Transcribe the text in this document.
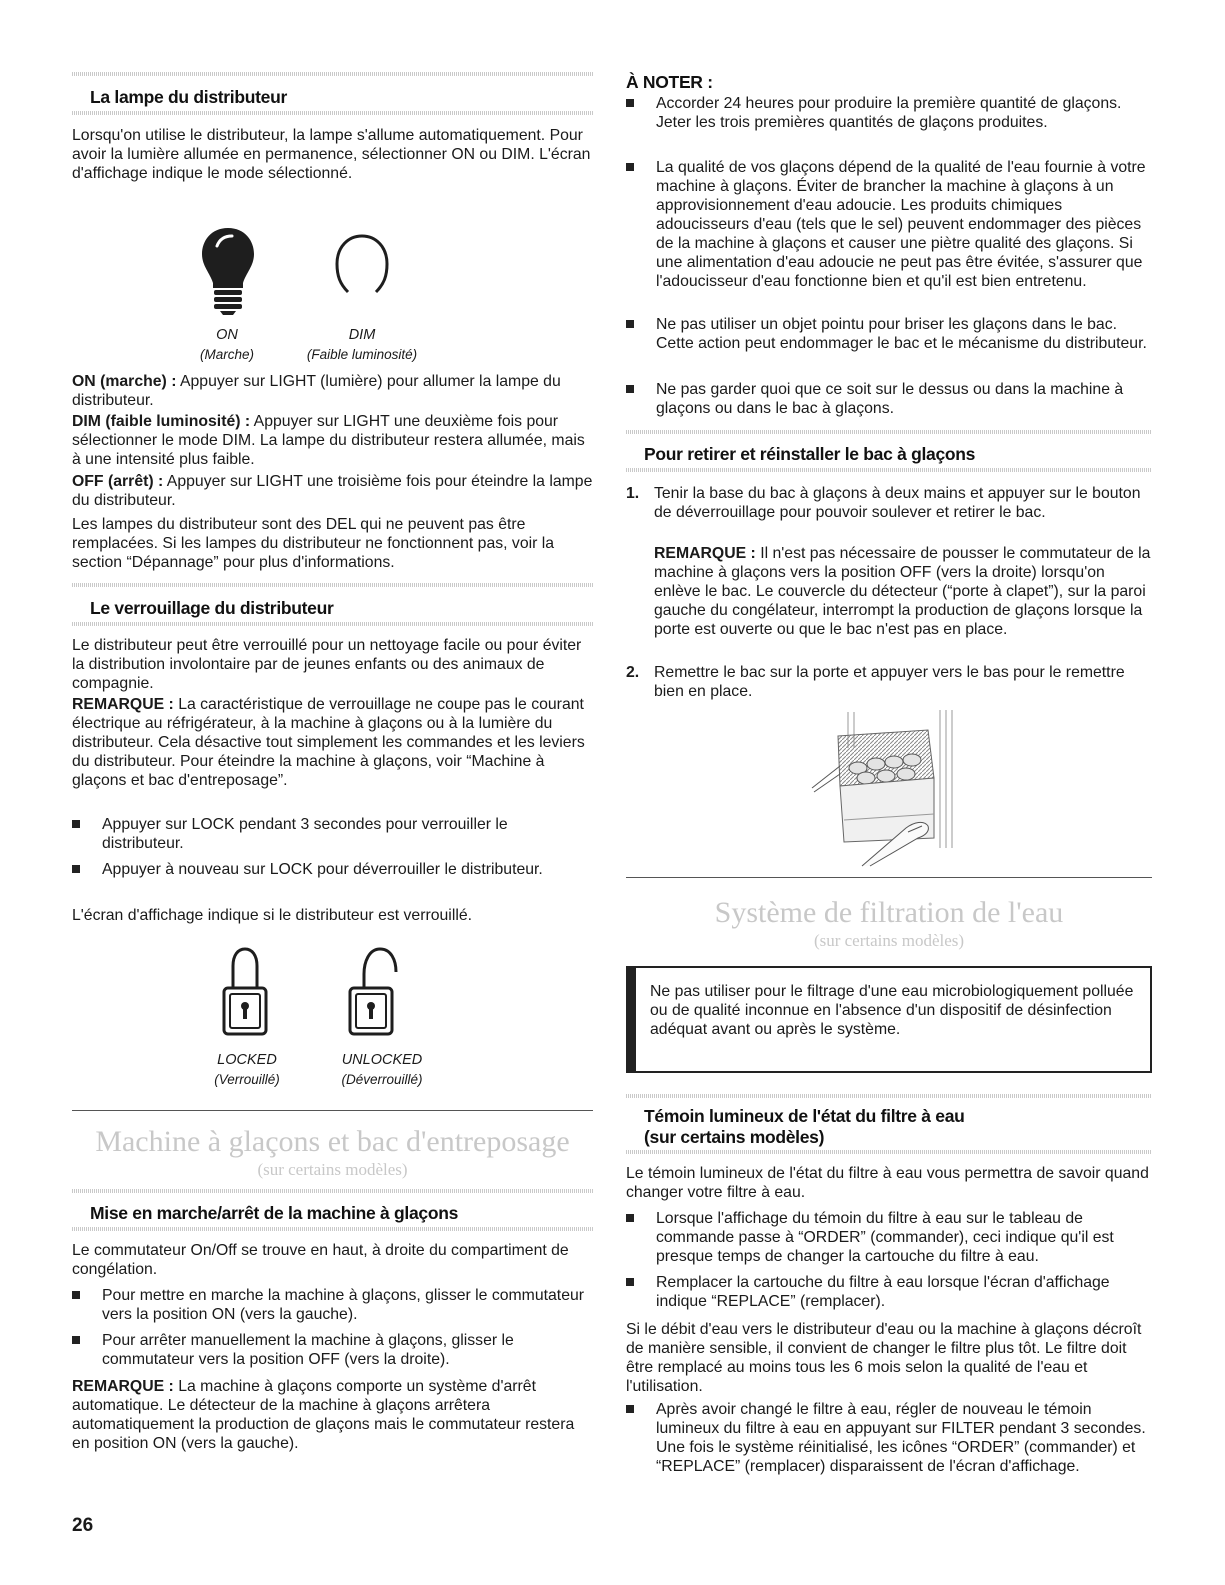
La lampe du distributeur

Lorsqu'on utilise le distributeur, la lampe s'allume automatiquement. Pour avoir la lumière allumée en permanence, sélectionner ON ou DIM. L'écran d'affichage indique le mode sélectionné.

ON
(Marche)
DIM
(Faible luminosité)

ON (marche) : Appuyer sur LIGHT (lumière) pour allumer la lampe du distributeur.

DIM (faible luminosité) : Appuyer sur LIGHT une deuxième fois pour sélectionner le mode DIM. La lampe du distributeur restera allumée, mais à une intensité plus faible.

OFF (arrêt) : Appuyer sur LIGHT une troisième fois pour éteindre la lampe du distributeur.

Les lampes du distributeur sont des DEL qui ne peuvent pas être remplacées. Si les lampes du distributeur ne fonctionnent pas, voir la section “Dépannage” pour plus d'informations.

Le verrouillage du distributeur

Le distributeur peut être verrouillé pour un nettoyage facile ou pour éviter la distribution involontaire par de jeunes enfants ou des animaux de compagnie.

REMARQUE : La caractéristique de verrouillage ne coupe pas le courant électrique au réfrigérateur, à la machine à glaçons ou à la lumière du distributeur. Cela désactive tout simplement les commandes et les leviers du distributeur. Pour éteindre la machine à glaçons, voir “Machine à glaçons et bac d'entreposage”.

Appuyer sur LOCK pendant 3 secondes pour verrouiller le distributeur.
Appuyer à nouveau sur LOCK pour déverrouiller le distributeur.

L'écran d'affichage indique si le distributeur est verrouillé.

LOCKED
(Verrouillé)
UNLOCKED
(Déverrouillé)
Machine à glaçons et bac d'entreposage
(sur certains modèles)
Mise en marche/arrêt de la machine à glaçons

Le commutateur On/Off se trouve en haut, à droite du compartiment de congélation.

Pour mettre en marche la machine à glaçons, glisser le commutateur vers la position ON (vers la gauche).
Pour arrêter manuellement la machine à glaçons, glisser le commutateur vers la position OFF (vers la droite).

REMARQUE : La machine à glaçons comporte un système d'arrêt automatique. Le détecteur de la machine à glaçons arrêtera automatiquement la production de glaçons mais le commutateur restera en position ON (vers la gauche).

À NOTER :
Accorder 24 heures pour produire la première quantité de glaçons. Jeter les trois premières quantités de glaçons produites.
La qualité de vos glaçons dépend de la qualité de l'eau fournie à votre machine à glaçons. Éviter de brancher la machine à glaçons à un approvisionnement d'eau adoucie. Les produits chimiques adoucisseurs d'eau (tels que le sel) peuvent endommager des pièces de la machine à glaçons et causer une piètre qualité des glaçons. Si une alimentation d'eau adoucie ne peut pas être évitée, s'assurer que l'adoucisseur d'eau fonctionne bien et qu'il est bien entretenu.
Ne pas utiliser un objet pointu pour briser les glaçons dans le bac. Cette action peut endommager le bac et le mécanisme du distributeur.
Ne pas garder quoi que ce soit sur le dessus ou dans la machine à glaçons ou dans le bac à glaçons.
Pour retirer et réinstaller le bac à glaçons
1. Tenir la base du bac à glaçons à deux mains et appuyer sur le bouton de déverrouillage pour pouvoir soulever et retirer le bac.

REMARQUE : Il n'est pas nécessaire de pousser le commutateur de la machine à glaçons vers la position OFF (vers la droite) lorsqu'on enlève le bac. Le couvercle du détecteur (“porte à clapet”), sur la paroi gauche du congélateur, interrompt la production de glaçons lorsque la porte est ouverte ou que le bac n'est pas en place.

2. Remettre le bac sur la porte et appuyer vers le bas pour le remettre bien en place.
Système de filtration de l'eau
(sur certains modèles)
Ne pas utiliser pour le filtrage d'une eau microbiologiquement polluée ou de qualité inconnue en l'absence d'un dispositif de désinfection adéquat avant ou après le système.
Témoin lumineux de l'état du filtre à eau
(sur certains modèles)

Le témoin lumineux de l'état du filtre à eau vous permettra de savoir quand changer votre filtre à eau.

Lorsque l'affichage du témoin du filtre à eau sur le tableau de commande passe à “ORDER” (commander), ceci indique qu'il est presque temps de changer la cartouche du filtre à eau.
Remplacer la cartouche du filtre à eau lorsque l'écran d'affichage indique “REPLACE” (remplacer).

Si le débit d'eau vers le distributeur d'eau ou la machine à glaçons décroît de manière sensible, il convient de changer le filtre plus tôt. Le filtre doit être remplacé au moins tous les 6 mois selon la qualité de l'eau et l'utilisation.

Après avoir changé le filtre à eau, régler de nouveau le témoin lumineux du filtre à eau en appuyant sur FILTER pendant 3 secondes. Une fois le système réinitialisé, les icônes “ORDER” (commander) et “REPLACE” (remplacer) disparaissent de l'écran d'affichage.
26
